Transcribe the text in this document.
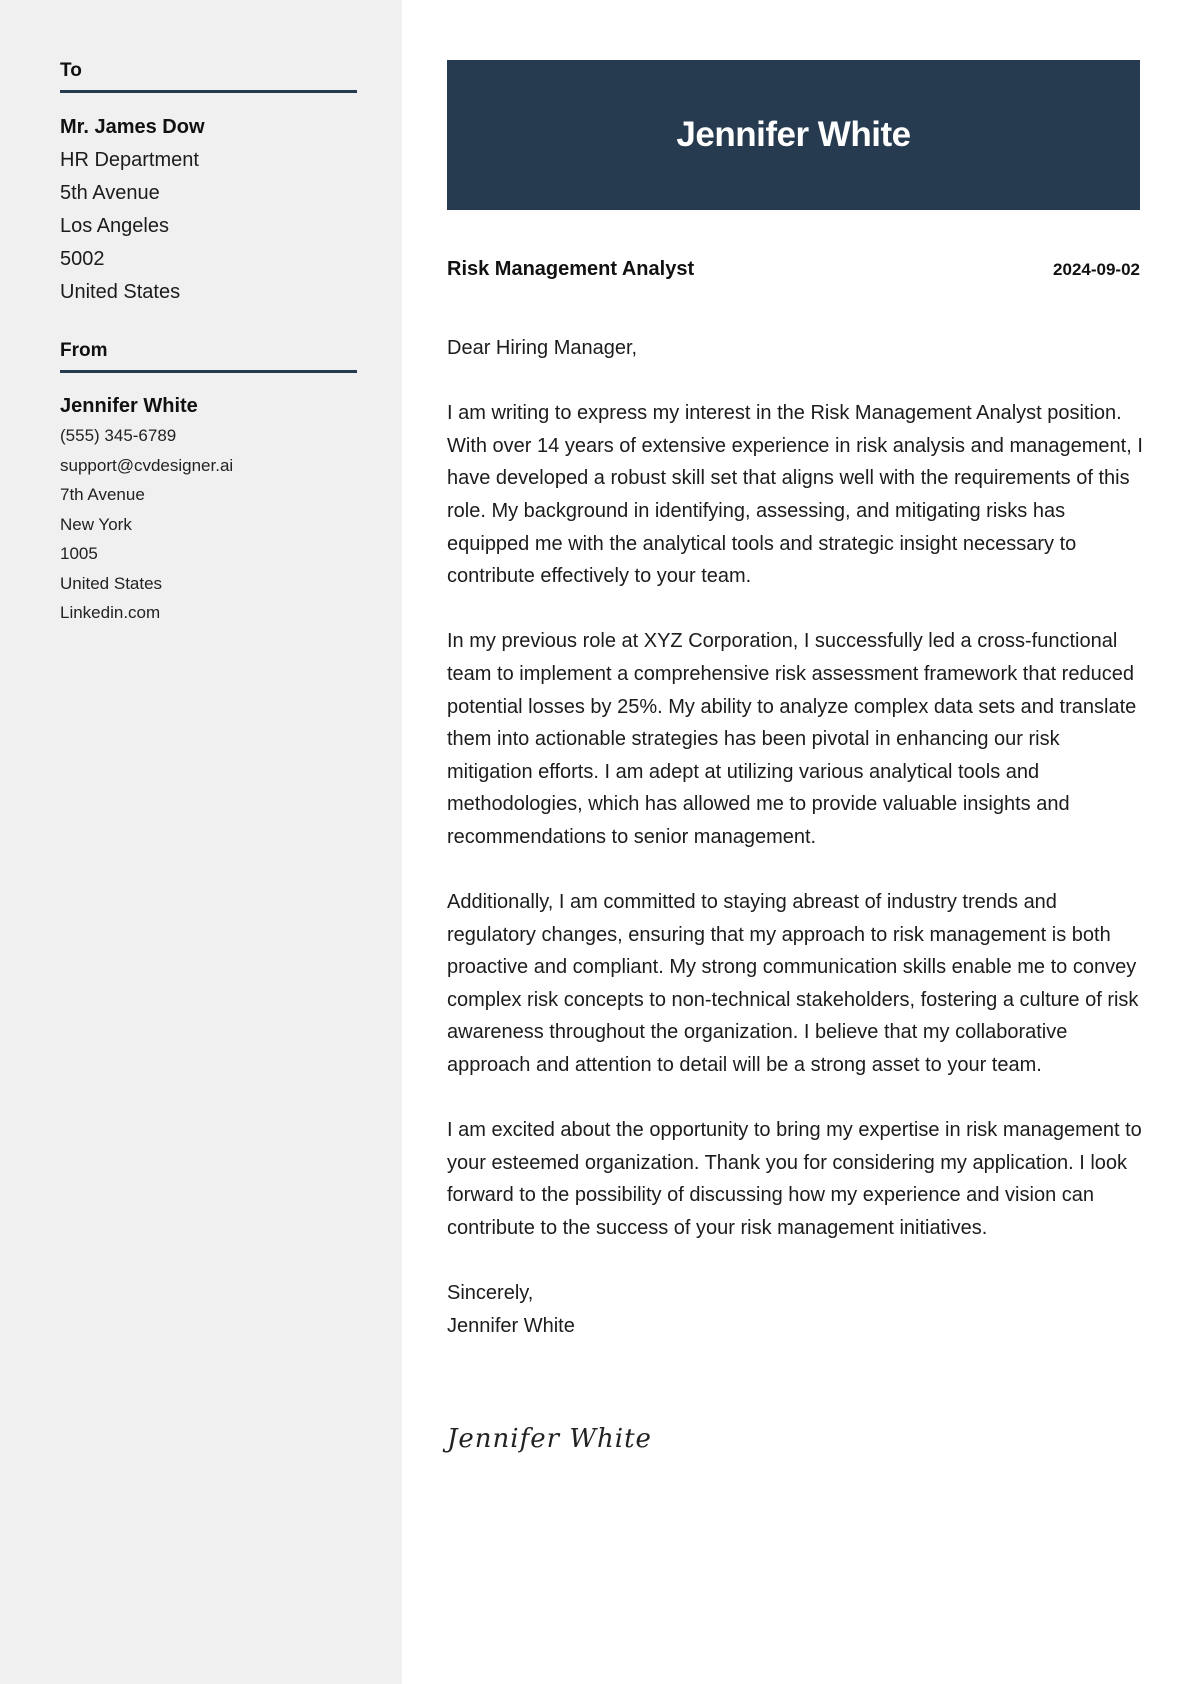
To
Mr. James Dow
HR Department
5th Avenue
Los Angeles
5002
United States
From
Jennifer White
(555) 345-6789
support@cvdesigner.ai
7th Avenue
New York
1005
United States
Linkedin.com
Jennifer White
Risk Management Analyst	2024-09-02

Dear Hiring Manager,

I am writing to express my interest in the Risk Management Analyst position. With over 14 years of extensive experience in risk analysis and management, I have developed a robust skill set that aligns well with the requirements of this role. My background in identifying, assessing, and mitigating risks has equipped me with the analytical tools and strategic insight necessary to contribute effectively to your team.

In my previous role at XYZ Corporation, I successfully led a cross-functional team to implement a comprehensive risk assessment framework that reduced potential losses by 25%. My ability to analyze complex data sets and translate them into actionable strategies has been pivotal in enhancing our risk mitigation efforts. I am adept at utilizing various analytical tools and methodologies, which has allowed me to provide valuable insights and recommendations to senior management.

Additionally, I am committed to staying abreast of industry trends and regulatory changes, ensuring that my approach to risk management is both proactive and compliant. My strong communication skills enable me to convey complex risk concepts to non-technical stakeholders, fostering a culture of risk awareness throughout the organization. I believe that my collaborative approach and attention to detail will be a strong asset to your team.

I am excited about the opportunity to bring my expertise in risk management to your esteemed organization. Thank you for considering my application. I look forward to the possibility of discussing how my experience and vision can contribute to the success of your risk management initiatives.

Sincerely,
Jennifer White
Jennifer White
